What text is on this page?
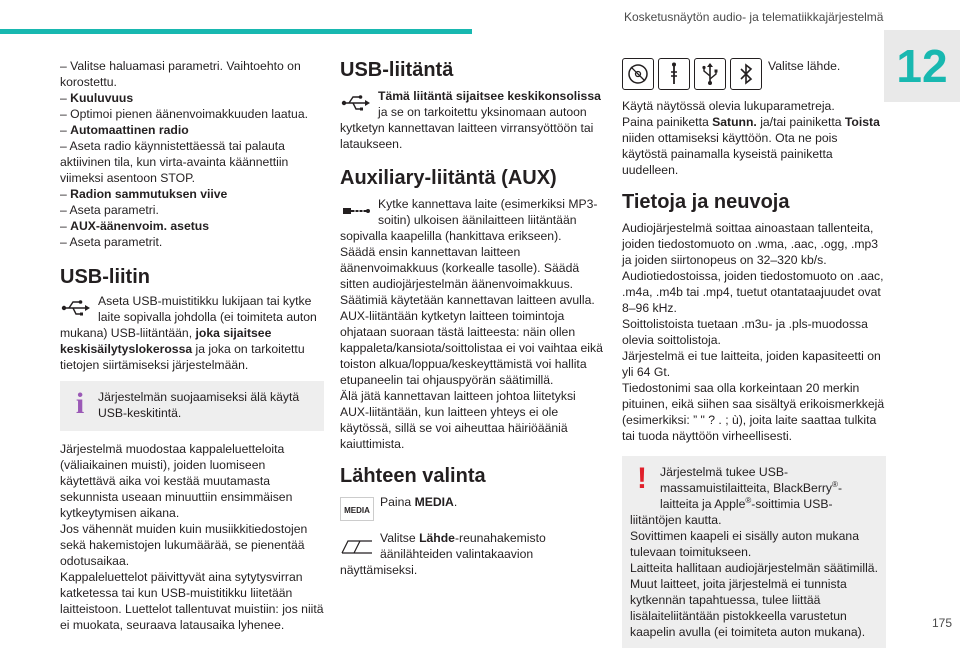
Kosketusnäytön audio- ja telematiikkajärjestelmä
12
175

– Valitse haluamasi parametri. Vaihtoehto on korostettu.

– Kuuluvuus

– Optimoi pienen äänenvoimakkuuden laatua.

– Automaattinen radio

– Aseta radio käynnistettäessä tai palauta aktiivinen tila, kun virta-avainta käännettiin viimeksi asentoon STOP.

– Radion sammutuksen viive

– Aseta parametri.

– AUX-äänenvoim. asetus

– Aseta parametrit.

USB-liitin

Aseta USB-muistitikku lukijaan tai kytke laite sopivalla johdolla (ei toimiteta auton mukana) USB-liitäntään, joka sijaitsee keskisäilytyslokerossa ja joka on tarkoitettu tietojen siirtämiseksi järjestelmään.

i	Järjestelmän suojaamiseksi älä käytä USB-keskitintä.

Järjestelmä muodostaa kappaleluetteloita (väliaikainen muisti), joiden luomiseen käytettävä aika voi kestää muutamasta sekunnista useaan minuuttiin ensimmäisen kytkeytymisen aikana.
Jos vähennät muiden kuin musiikkitiedostojen sekä hakemistojen lukumäärää, se pienentää odotusaikaa.
Kappaleluettelot päivittyvät aina sytytysvirran katketessa tai kun USB-muistitikku liitetään laitteistoon. Luettelot tallentuvat muistiin: jos niitä ei muokata, seuraava latausaika lyhenee.

USB-liitäntä

Tämä liitäntä sijaitsee keskikonsolissa ja se on tarkoitettu yksinomaan autoon kytketyn kannettavan laitteen virransyöttöön tai lataukseen.

Auxiliary-liitäntä (AUX)

Kytke kannettava laite (esimerkiksi MP3-soitin) ulkoisen äänilaitteen liitäntään sopivalla kaapelilla (hankittava erikseen).
Säädä ensin kannettavan laitteen äänenvoimakkuus (korkealle tasolle). Säädä sitten audiojärjestelmän äänenvoimakkuus.
Säätimiä käytetään kannettavan laitteen avulla.
AUX-liitäntään kytketyn laitteen toimintoja ohjataan suoraan tästä laitteesta: näin ollen kappaleta/kansiota/soittolistaa ei voi vaihtaa eikä toiston alkua/loppua/keskeyttämistä voi hallita etupaneelin tai ohjauspyörän säätimillä.
Älä jätä kannettavan laitteen johtoa liitetyksi AUX-liitäntään, kun laitteen yhteys ei ole käytössä, sillä se voi aiheuttaa häiriöääniä kaiuttimista.

Lähteen valinta
MEDIA

Paina MEDIA.

Valitse Lähde-reunahakemisto äänilähteiden valintakaavion näyttämiseksi.

Valitse lähde.

Käytä näytössä olevia lukuparametreja.
Paina painiketta Satunn. ja/tai painiketta Toista niiden ottamiseksi käyttöön. Ota ne pois käytöstä painamalla kyseistä painiketta uudelleen.

Tietoja ja neuvoja

Audiojärjestelmä soittaa ainoastaan tallenteita, joiden tiedostomuoto on .wma, .aac, .ogg, .mp3 ja joiden siirtonopeus on 32–320 kb/s.
Audiotiedostoissa, joiden tiedostomuoto on .aac, .m4a, .m4b tai .mp4, tuetut otantataajuudet ovat 8–96 kHz.
Soittolistoista tuetaan .m3u- ja .pls-muodossa olevia soittolistoja.
Järjestelmä ei tue laitteita, joiden kapasiteetti on yli 64 Gt.
Tiedostonimi saa olla korkeintaan 20 merkin pituinen, eikä siihen saa sisältyä erikoismerkkejä (esimerkiksi: ” " ? . ; ù), joita laite saattaa tulkita tai tuoda näyttöön virheellisesti.

!	Järjestelmä tukee USB-massamuistilaitteita, BlackBerry®-laitteita ja Apple®-soittimia USB-liitäntöjen kautta.
Sovittimen kaapeli ei sisälly auton mukana tulevaan toimitukseen.
Laitteita hallitaan audiojärjestelmän säätimillä.
Muut laitteet, joita järjestelmä ei tunnista kytkennän tapahtuessa, tulee liittää lisälaiteliitäntään pistokkeella varustetun kaapelin avulla (ei toimiteta auton mukana).
